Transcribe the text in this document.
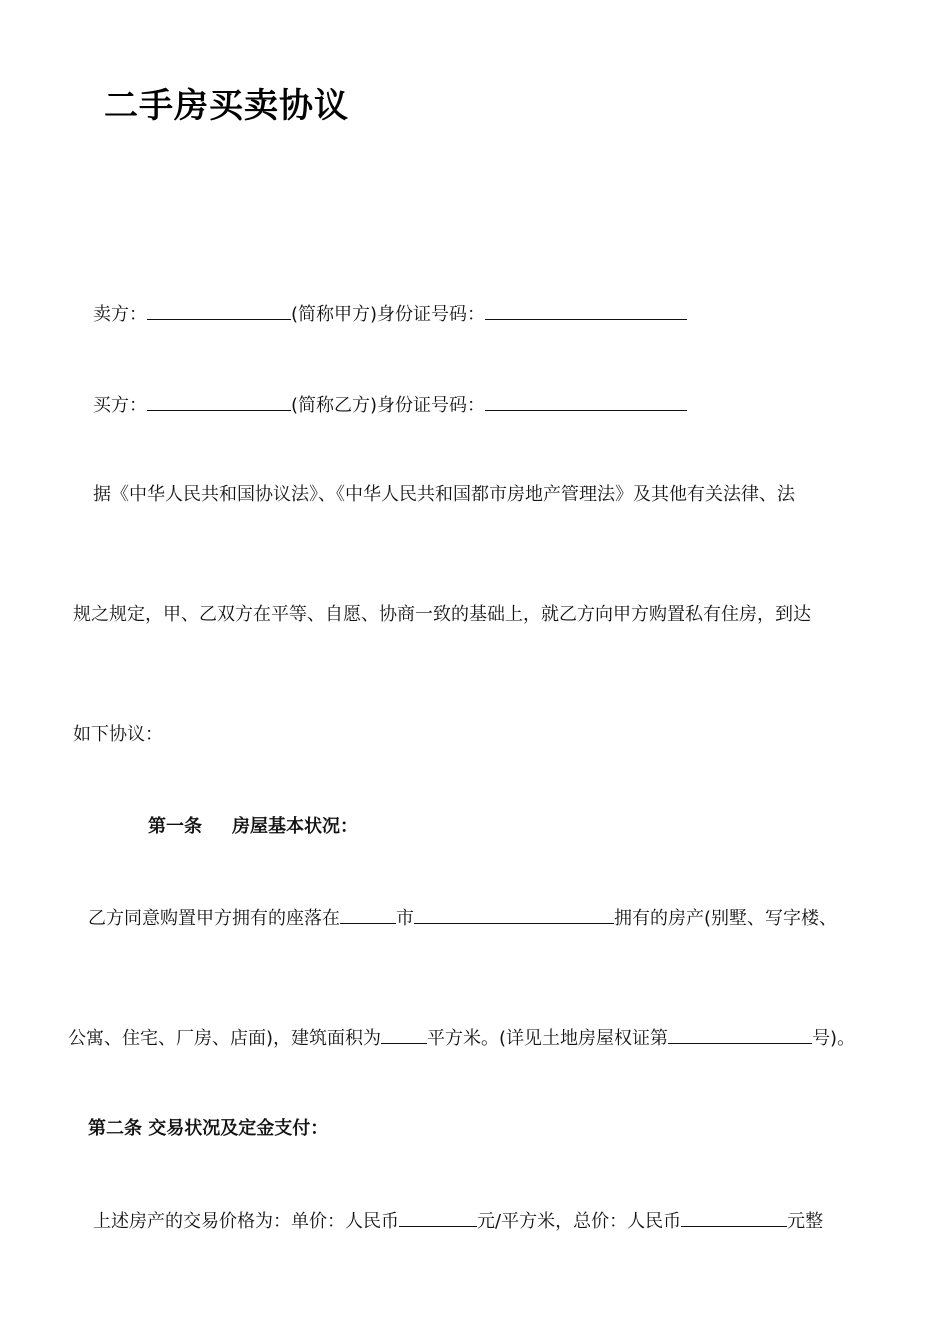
二手房买卖协议
卖方：	(简称甲方)身份证号码：
买方：	(简称乙方)身份证号码：
据《中华人民共和国协议法》、《中华人民共和国都市房地产管理法》及其他有关法律、法
规之规定，甲、乙双方在平等、自愿、协商一致的基础上，就乙方向甲方购置私有住房，到达
如下协议：
第一条 房屋基本状况：
乙方同意购置甲方拥有的座落在	市	拥有的房产(别墅、写字楼、
公寓、住宅、厂房、店面)，建筑面积为	平方米。(详见土地房屋权证第	号)。
第二条 交易状况及定金支付：
上述房产的交易价格为：单价：人民币	元/平方米，总价：人民币	元整
